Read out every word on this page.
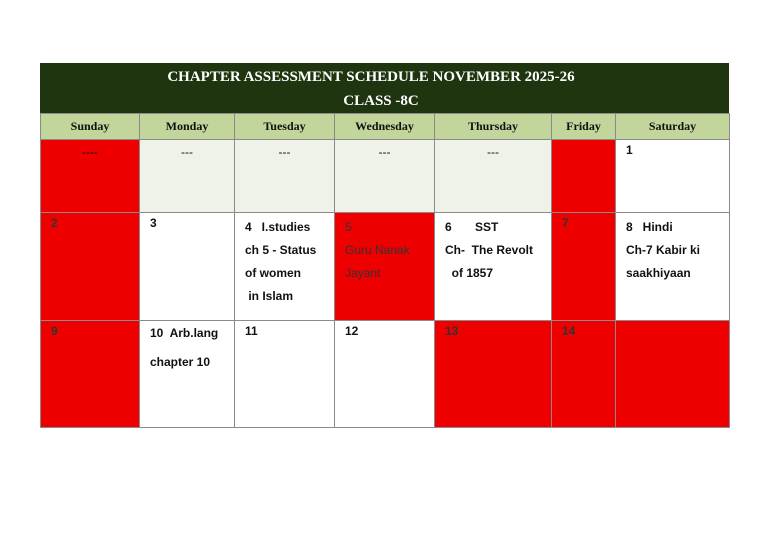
CHAPTER ASSESSMENT SCHEDULE NOVEMBER 2025-26
CLASS -8C
Sunday	Monday	Tuesday	Wednesday	Thursday	Friday	Saturday

----	---	---	---	---		1

2	3	4   I.studies
ch 5 - Status
of women
in Islam	5
Guru Nanak
Jayant	6       SST
Ch-  The Revolt
of 1857	7	8   Hindi
Ch-7 Kabir ki
saakhiyaan

9	10  Arb.lang
chapter 10	11	12	13	14	
